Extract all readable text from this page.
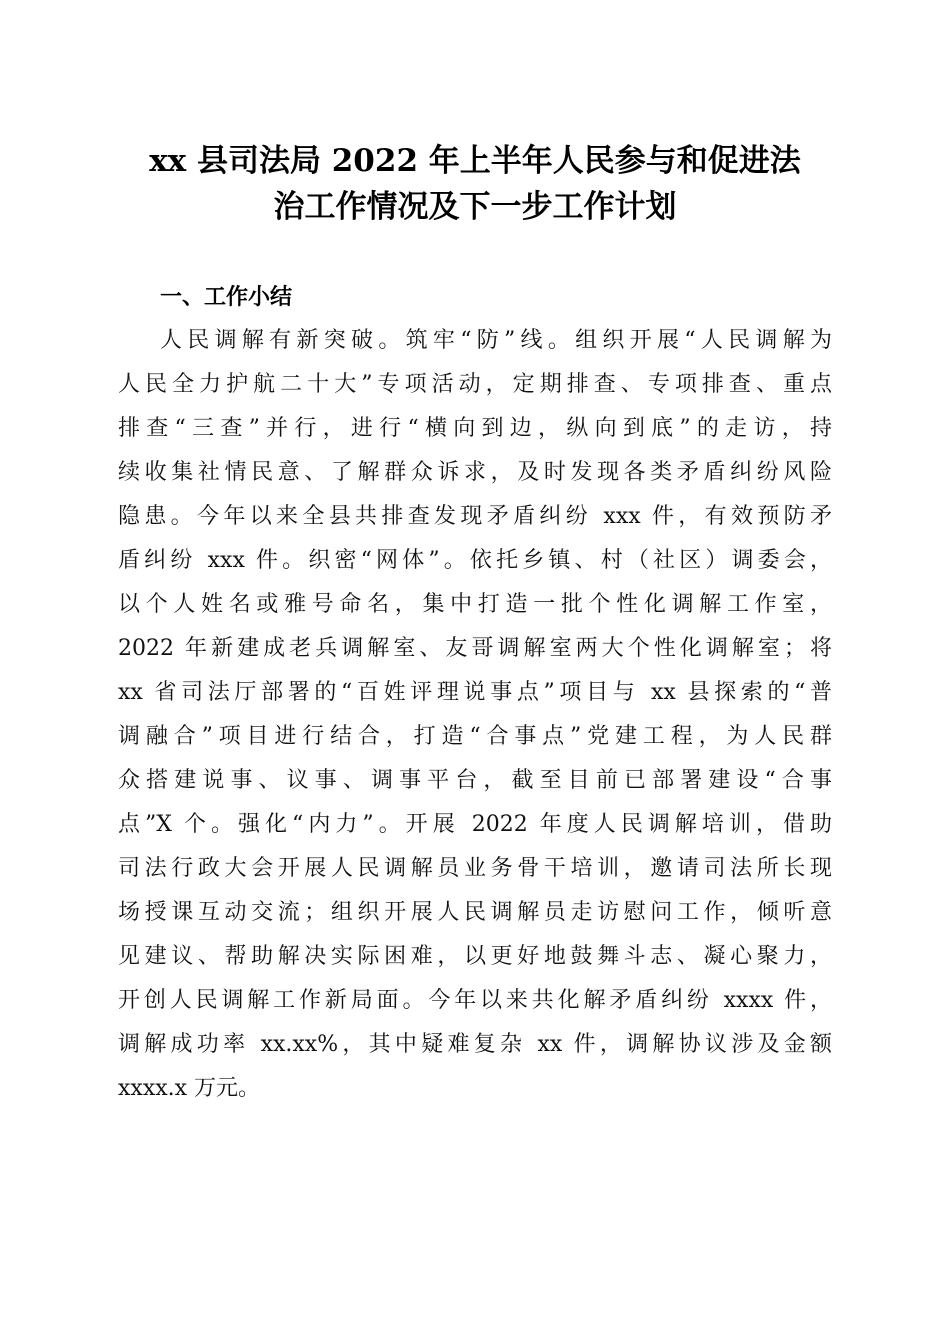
xx 县司法局 2022 年上半年人民参与和促进法
治工作情况及下一步工作计划
一、工作小结
人民调解有新突破。筑牢“防”线。组织开展“人民调解为
人民全力护航二十大”专项活动，定期排查、专项排查、重点
排查“三查”并行，进行“横向到边，纵向到底”的走访，持
续收集社情民意、了解群众诉求，及时发现各类矛盾纠纷风险
隐患。今年以来全县共排查发现矛盾纠纷 xxx 件，有效预防矛
盾纠纷 xxx 件。织密“网体”。依托乡镇、村（社区）调委会，
以个人姓名或雅号命名，集中打造一批个性化调解工作室，
2022 年新建成老兵调解室、友哥调解室两大个性化调解室；将
xx 省司法厅部署的“百姓评理说事点”项目与 xx 县探索的“普
调融合”项目进行结合，打造“合事点”党建工程，为人民群
众搭建说事、议事、调事平台，截至目前已部署建设“合事
点”X 个。强化“内力”。开展 2022 年度人民调解培训，借助
司法行政大会开展人民调解员业务骨干培训，邀请司法所长现
场授课互动交流；组织开展人民调解员走访慰问工作，倾听意
见建议、帮助解决实际困难，以更好地鼓舞斗志、凝心聚力，
开创人民调解工作新局面。今年以来共化解矛盾纠纷 xxxx 件，
调解成功率 xx.xx%，其中疑难复杂 xx 件，调解协议涉及金额
xxxx.x 万元。
